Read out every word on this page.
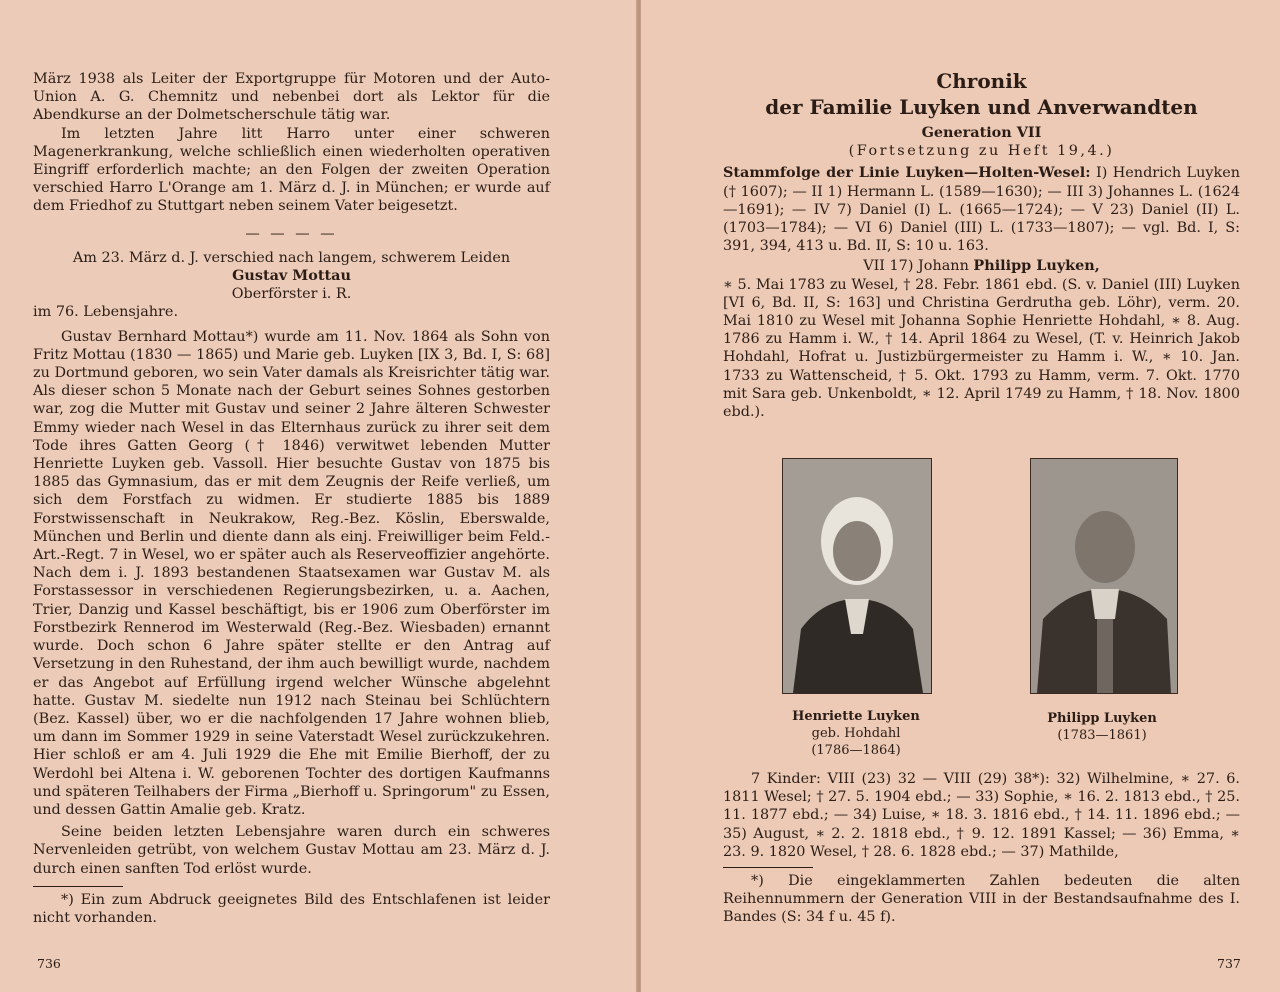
März 1938 als Leiter der Exportgruppe für Motoren und der Auto-Union A. G. Chemnitz und nebenbei dort als Lektor für die Abendkurse an der Dolmetscherschule tätig war.

Im letzten Jahre litt Harro unter einer schweren Magenerkrankung, welche schließlich einen wiederholten operativen Eingriff erforderlich machte; an den Folgen der zweiten Operation verschied Harro L'Orange am 1. März d. J. in München; er wurde auf dem Friedhof zu Stuttgart neben seinem Vater beigesetzt.

— — — —

Am 23. März d. J. verschied nach langem, schwerem Leiden

Gustav Mottau

Oberförster i. R.

im 76. Lebensjahre.

Gustav Bernhard Mottau*) wurde am 11. Nov. 1864 als Sohn von Fritz Mottau (1830 — 1865) und Marie geb. Luyken [IX 3, Bd. I, S: 68] zu Dortmund geboren, wo sein Vater damals als Kreisrichter tätig war. Als dieser schon 5 Monate nach der Geburt seines Sohnes gestorben war, zog die Mutter mit Gustav und seiner 2 Jahre älteren Schwester Emmy wieder nach Wesel in das Elternhaus zurück zu ihrer seit dem Tode ihres Gatten Georg († 1846) verwitwet lebenden Mutter Henriette Luyken geb. Vassoll. Hier besuchte Gustav von 1875 bis 1885 das Gymnasium, das er mit dem Zeugnis der Reife verließ, um sich dem Forstfach zu widmen. Er studierte 1885 bis 1889 Forstwissenschaft in Neukrakow, Reg.-Bez. Köslin, Eberswalde, München und Berlin und diente dann als einj. Freiwilliger beim Feld.-Art.-Regt. 7 in Wesel, wo er später auch als Reserveoffizier angehörte. Nach dem i. J. 1893 bestandenen Staatsexamen war Gustav M. als Forstassessor in verschiedenen Regierungsbezirken, u. a. Aachen, Trier, Danzig und Kassel beschäftigt, bis er 1906 zum Oberförster im Forstbezirk Rennerod im Westerwald (Reg.-Bez. Wiesbaden) ernannt wurde. Doch schon 6 Jahre später stellte er den Antrag auf Versetzung in den Ruhestand, der ihm auch bewilligt wurde, nachdem er das Angebot auf Erfüllung irgend welcher Wünsche abgelehnt hatte. Gustav M. siedelte nun 1912 nach Steinau bei Schlüchtern (Bez. Kassel) über, wo er die nachfolgenden 17 Jahre wohnen blieb, um dann im Sommer 1929 in seine Vaterstadt Wesel zurückzukehren. Hier schloß er am 4. Juli 1929 die Ehe mit Emilie Bierhoff, der zu Werdohl bei Altena i. W. geborenen Tochter des dortigen Kaufmanns und späteren Teilhabers der Firma „Bierhoff u. Springorum" zu Essen, und dessen Gattin Amalie geb. Kratz.

Seine beiden letzten Lebensjahre waren durch ein schweres Nervenleiden getrübt, von welchem Gustav Mottau am 23. März d. J. durch einen sanften Tod erlöst wurde.

*) Ein zum Abdruck geeignetes Bild des Entschlafenen ist leider nicht vorhanden.

736
Chronik
der Familie Luyken und Anverwandten
Generation VII
(Fortsetzung zu Heft 19,4.)

Stammfolge der Linie Luyken—Holten-Wesel: I) Hendrich Luyken († 1607); — II 1) Hermann L. (1589—1630); — III 3) Johannes L. (1624—1691); — IV 7) Daniel (I) L. (1665—1724); — V 23) Daniel (II) L. (1703—1784); — VI 6) Daniel (III) L. (1733—1807); — vgl. Bd. I, S: 391, 394, 413 u. Bd. II, S: 10 u. 163.

VII 17) Johann Philipp Luyken,

∗ 5. Mai 1783 zu Wesel, † 28. Febr. 1861 ebd. (S. v. Daniel (III) Luyken [VI 6, Bd. II, S: 163] und Christina Gerdrutha geb. Löhr), verm. 20. Mai 1810 zu Wesel mit Johanna Sophie Henriette Hohdahl, ∗ 8. Aug. 1786 zu Hamm i. W., † 14. April 1864 zu Wesel, (T. v. Heinrich Jakob Hohdahl, Hofrat u. Justizbürgermeister zu Hamm i. W., ∗ 10. Jan. 1733 zu Wattenscheid, † 5. Okt. 1793 zu Hamm, verm. 7. Okt. 1770 mit Sara geb. Unkenboldt, ∗ 12. April 1749 zu Hamm, † 18. Nov. 1800 ebd.).

Henriette Luyken
geb. Hohdahl
(1786—1864)
Philipp Luyken
(1783—1861)

7 Kinder: VIII (23) 32 — VIII (29) 38*): 32) Wilhelmine, ∗ 27. 6. 1811 Wesel; † 27. 5. 1904 ebd.; — 33) Sophie, ∗ 16. 2. 1813 ebd., † 25. 11. 1877 ebd.; — 34) Luise, ∗ 18. 3. 1816 ebd., † 14. 11. 1896 ebd.; — 35) August, ∗ 2. 2. 1818 ebd., † 9. 12. 1891 Kassel; — 36) Emma, ∗ 23. 9. 1820 Wesel, † 28. 6. 1828 ebd.; — 37) Mathilde,

*) Die eingeklammerten Zahlen bedeuten die alten Reihennummern der Generation VIII in der Bestandsaufnahme des I. Bandes (S: 34 f u. 45 f).

737
